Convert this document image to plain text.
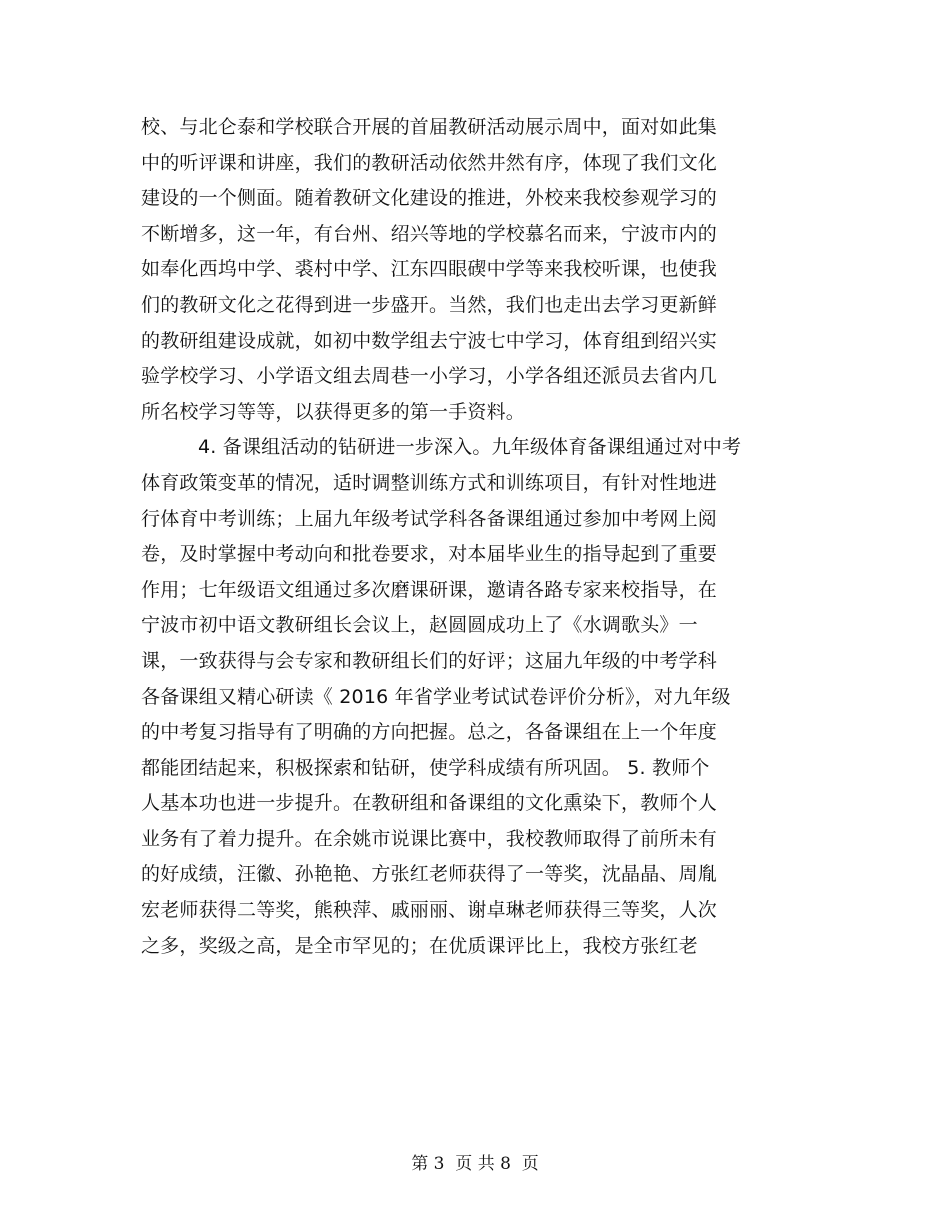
校、与北仑泰和学校联合开展的首届教研活动展示周中，面对如此集
中的听评课和讲座，我们的教研活动依然井然有序，体现了我们文化
建设的一个侧面。随着教研文化建设的推进，外校来我校参观学习的
不断增多，这一年，有台州、绍兴等地的学校慕名而来，宁波市内的
如奉化西坞中学、裘村中学、江东四眼碶中学等来我校听课，也使我
们的教研文化之花得到进一步盛开。当然，我们也走出去学习更新鲜
的教研组建设成就，如初中数学组去宁波七中学习，体育组到绍兴实
验学校学习、小学语文组去周巷一小学习，小学各组还派员去省内几
所名校学习等等，以获得更多的第一手资料。
4. 备课组活动的钻研进一步深入。九年级体育备课组通过对中考
体育政策变革的情况，适时调整训练方式和训练项目，有针对性地进
行体育中考训练；上届九年级考试学科各备课组通过参加中考网上阅
卷，及时掌握中考动向和批卷要求，对本届毕业生的指导起到了重要
作用；七年级语文组通过多次磨课研课，邀请各路专家来校指导，在
宁波市初中语文教研组长会议上，赵圆圆成功上了《水调歌头》一
课，一致获得与会专家和教研组长们的好评；这届九年级的中考学科
各备课组又精心研读《 2016 年省学业考试试卷评价分析》，对九年级
的中考复习指导有了明确的方向把握。总之，各备课组在上一个年度
都能团结起来，积极探索和钻研，使学科成绩有所巩固。 5. 教师个
人基本功也进一步提升。在教研组和备课组的文化熏染下，教师个人
业务有了着力提升。在余姚市说课比赛中，我校教师取得了前所未有
的好成绩，汪徽、孙艳艳、方张红老师获得了一等奖，沈晶晶、周胤
宏老师获得二等奖，熊秧萍、戚丽丽、谢卓琳老师获得三等奖，人次
之多，奖级之高，是全市罕见的；在优质课评比上，我校方张红老
第 3  页 共 8  页
